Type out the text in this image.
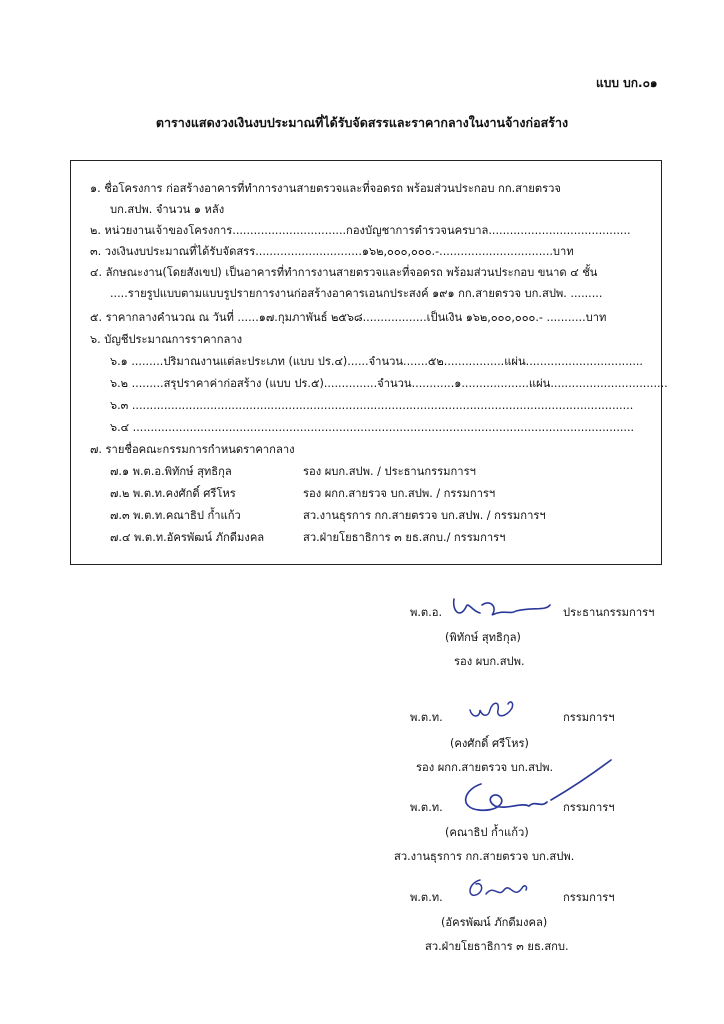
แบบ บก.๐๑
ตารางแสดงวงเงินงบประมาณที่ได้รับจัดสรรและราคากลางในงานจ้างก่อสร้าง
๑. ชื่อโครงการ ก่อสร้างอาคารที่ทำการงานสายตรวจและที่จอดรถ พร้อมส่วนประกอบ กก.สายตรวจ
บก.สปพ. จำนวน ๑ หลัง
๒. หน่วยงานเจ้าของโครงการ................................กองบัญชาการตำรวจนครบาล........................................
๓. วงเงินงบประมาณที่ได้รับจัดสรร..............................๑๖๒,๐๐๐,๐๐๐.-................................บาท
๔. ลักษณะงาน(โดยสังเขป) เป็นอาคารที่ทำการงานสายตรวจและที่จอดรถ พร้อมส่วนประกอบ ขนาด ๔ ชั้น
.....รายรูปแบบตามแบบรูปรายการงานก่อสร้างอาคารเอนกประสงค์ ๑๙๑ กก.สายตรวจ บก.สปพ. .........
๕. ราคากลางคำนวณ ณ วันที่ ......๑๗.กุมภาพันธ์ ๒๕๖๘..................เป็นเงิน ๑๖๒,๐๐๐,๐๐๐.- ...........บาท
๖. บัญชีประมาณการราคากลาง
๖.๑ .........ปริมาณงานแต่ละประเภท (แบบ ปร.๔)......จำนวน.......๕๒.................แผ่น.................................
๖.๒ .........สรุปราคาค่าก่อสร้าง (แบบ ปร.๕)...............จำนวน............๑...................แผ่น.................................
๖.๓ .............................................................................................................................................
๖.๔ .............................................................................................................................................
๗. รายชื่อคณะกรรมการกำหนดราคากลาง
๗.๑ พ.ต.อ.พิทักษ์ สุทธิกุล	รอง ผบก.สปพ. / ประธานกรรมการฯ
๗.๒ พ.ต.ท.คงศักดิ์ ศรีโหร	รอง ผกก.สายรวจ บก.สปพ. / กรรมการฯ
๗.๓ พ.ต.ท.คณาธิป ก้ำแก้ว	สว.งานธุรการ กก.สายตรวจ บก.สปพ. / กรรมการฯ
๗.๔ พ.ต.ท.อัครพัฒน์ ภักดีมงคล	สว.ฝ่ายโยธาธิการ ๓ ยธ.สกบ./ กรรมการฯ
พ.ต.อ.	ประธานกรรมการฯ
(พิทักษ์ สุทธิกุล)
รอง ผบก.สปพ.
พ.ต.ท.	กรรมการฯ
(คงศักดิ์ ศรีโหร)
รอง ผกก.สายตรวจ บก.สปพ.
พ.ต.ท.	กรรมการฯ
(คณาธิป ก้ำแก้ว)
สว.งานธุรการ กก.สายตรวจ บก.สปพ.
พ.ต.ท.	กรรมการฯ
(อัครพัฒน์ ภักดีมงคล)
สว.ฝ่ายโยธาธิการ ๓ ยธ.สกบ.
